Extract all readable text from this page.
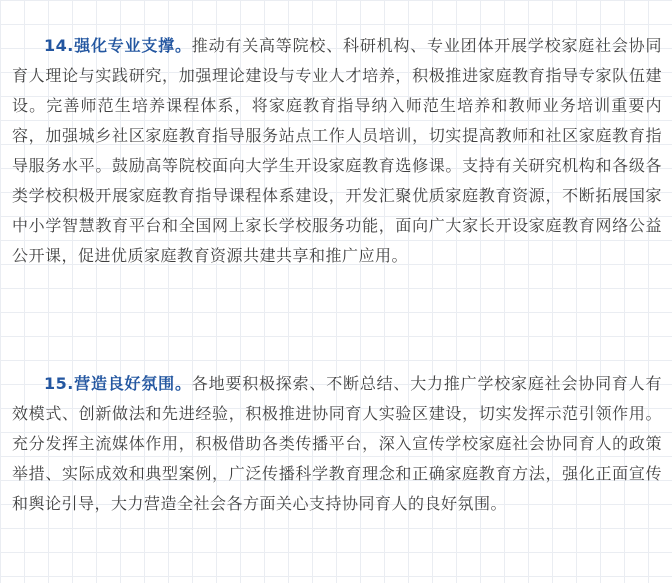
14.强化专业支撑。推动有关高等院校、科研机构、专业团体开展学校家庭社会协同育人理论与实践研究，加强理论建设与专业人才培养，积极推进家庭教育指导专家队伍建设。完善师范生培养课程体系，将家庭教育指导纳入师范生培养和教师业务培训重要内容，加强城乡社区家庭教育指导服务站点工作人员培训，切实提高教师和社区家庭教育指导服务水平。鼓励高等院校面向大学生开设家庭教育选修课。支持有关研究机构和各级各类学校积极开展家庭教育指导课程体系建设，开发汇聚优质家庭教育资源，不断拓展国家中小学智慧教育平台和全国网上家长学校服务功能，面向广大家长开设家庭教育网络公益公开课，促进优质家庭教育资源共建共享和推广应用。

15.营造良好氛围。各地要积极探索、不断总结、大力推广学校家庭社会协同育人有效模式、创新做法和先进经验，积极推进协同育人实验区建设，切实发挥示范引领作用。充分发挥主流媒体作用，积极借助各类传播平台，深入宣传学校家庭社会协同育人的政策举措、实际成效和典型案例，广泛传播科学教育理念和正确家庭教育方法，强化正面宣传和舆论引导，大力营造全社会各方面关心支持协同育人的良好氛围。
